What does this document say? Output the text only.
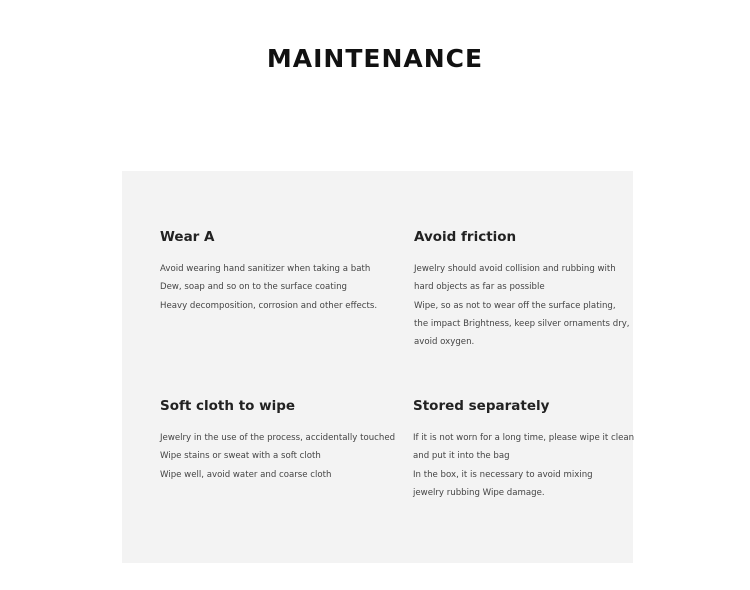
MAINTENANCE
Wear A
Avoid wearing hand sanitizer when taking a bath
Dew, soap and so on to the surface coating
Heavy decomposition, corrosion and other effects.
Avoid friction
Jewelry should avoid collision and rubbing with
hard objects as far as possible
Wipe, so as not to wear off the surface plating,
the impact Brightness, keep silver ornaments dry,
avoid oxygen.
Soft cloth to wipe
Jewelry in the use of the process, accidentally touched
Wipe stains or sweat with a soft cloth
Wipe well, avoid water and coarse cloth
Stored separately
If it is not worn for a long time, please wipe it clean
and put it into the bag
In the box, it is necessary to avoid mixing
jewelry rubbing Wipe damage.
